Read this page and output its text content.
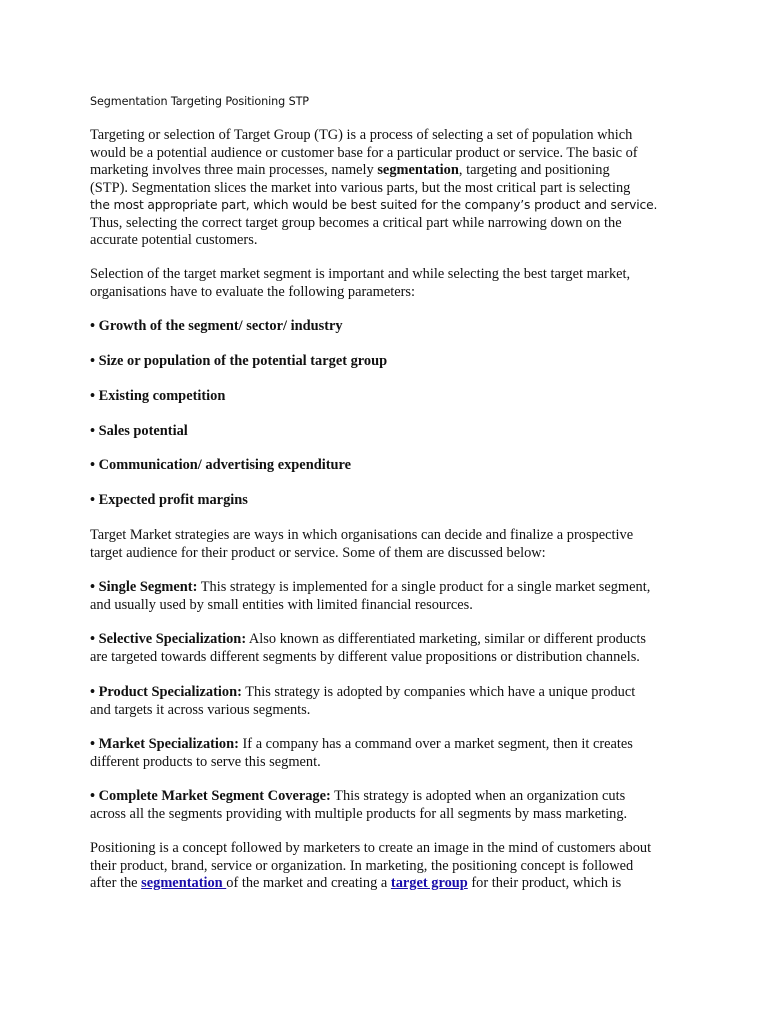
Segmentation Targeting Positioning STP

Targeting or selection of Target Group (TG) is a process of selecting a set of population which
would be a potential audience or customer base for a particular product or service. The basic of
marketing involves three main processes, namely segmentation, targeting and positioning
(STP). Segmentation slices the market into various parts, but the most critical part is selecting
the most appropriate part, which would be best suited for the company’s product and service.
Thus, selecting the correct target group becomes a critical part while narrowing down on the
accurate potential customers.

Selection of the target market segment is important and while selecting the best target market,
organisations have to evaluate the following parameters:

• Growth of the segment/ sector/ industry
• Size or population of the potential target group
• Existing competition
• Sales potential
• Communication/ advertising expenditure
• Expected profit margins

Target Market strategies are ways in which organisations can decide and finalize a prospective
target audience for their product or service. Some of them are discussed below:

• Single Segment: This strategy is implemented for a single product for a single market segment,
and usually used by small entities with limited financial resources.

• Selective Specialization: Also known as differentiated marketing, similar or different products
are targeted towards different segments by different value propositions or distribution channels.

• Product Specialization: This strategy is adopted by companies which have a unique product
and targets it across various segments.

• Market Specialization: If a company has a command over a market segment, then it creates
different products to serve this segment.

• Complete Market Segment Coverage: This strategy is adopted when an organization cuts
across all the segments providing with multiple products for all segments by mass marketing.

Positioning is a concept followed by marketers to create an image in the mind of customers about
their product, brand, service or organization. In marketing, the positioning concept is followed
after the segmentation of the market and creating a target group for their product, which is
